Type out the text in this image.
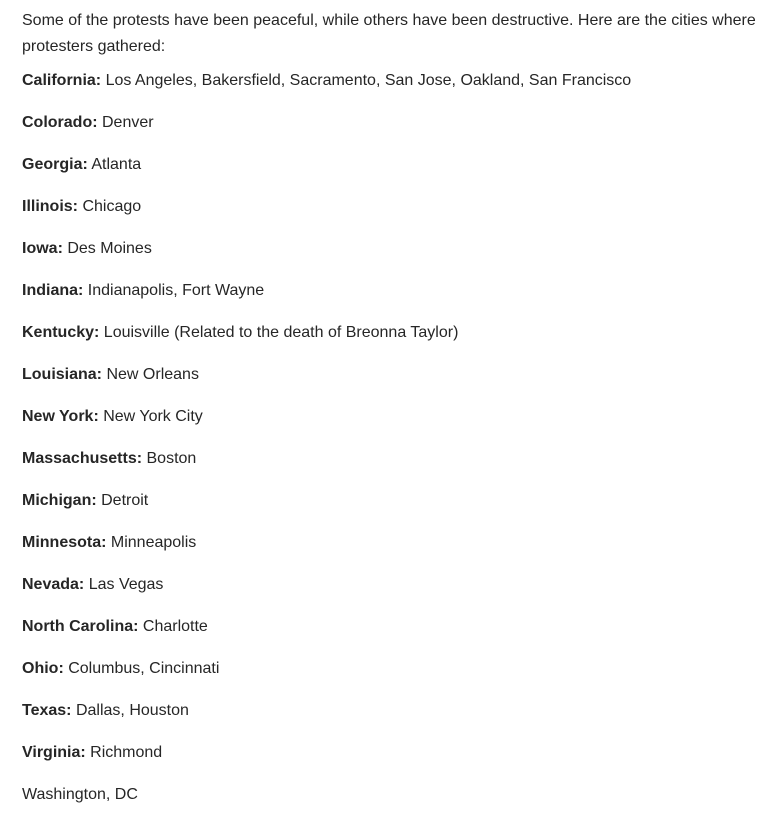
Some of the protests have been peaceful, while others have been destructive. Here are the cities where protesters gathered:

California: Los Angeles, Bakersfield, Sacramento, San Jose, Oakland, San Francisco

Colorado: Denver

Georgia: Atlanta

Illinois: Chicago

Iowa: Des Moines

Indiana: Indianapolis, Fort Wayne

Kentucky: Louisville (Related to the death of Breonna Taylor)

Louisiana: New Orleans

New York: New York City

Massachusetts: Boston

Michigan: Detroit

Minnesota: Minneapolis

Nevada: Las Vegas

North Carolina: Charlotte

Ohio: Columbus, Cincinnati

Texas: Dallas, Houston

Virginia: Richmond

Washington, DC
